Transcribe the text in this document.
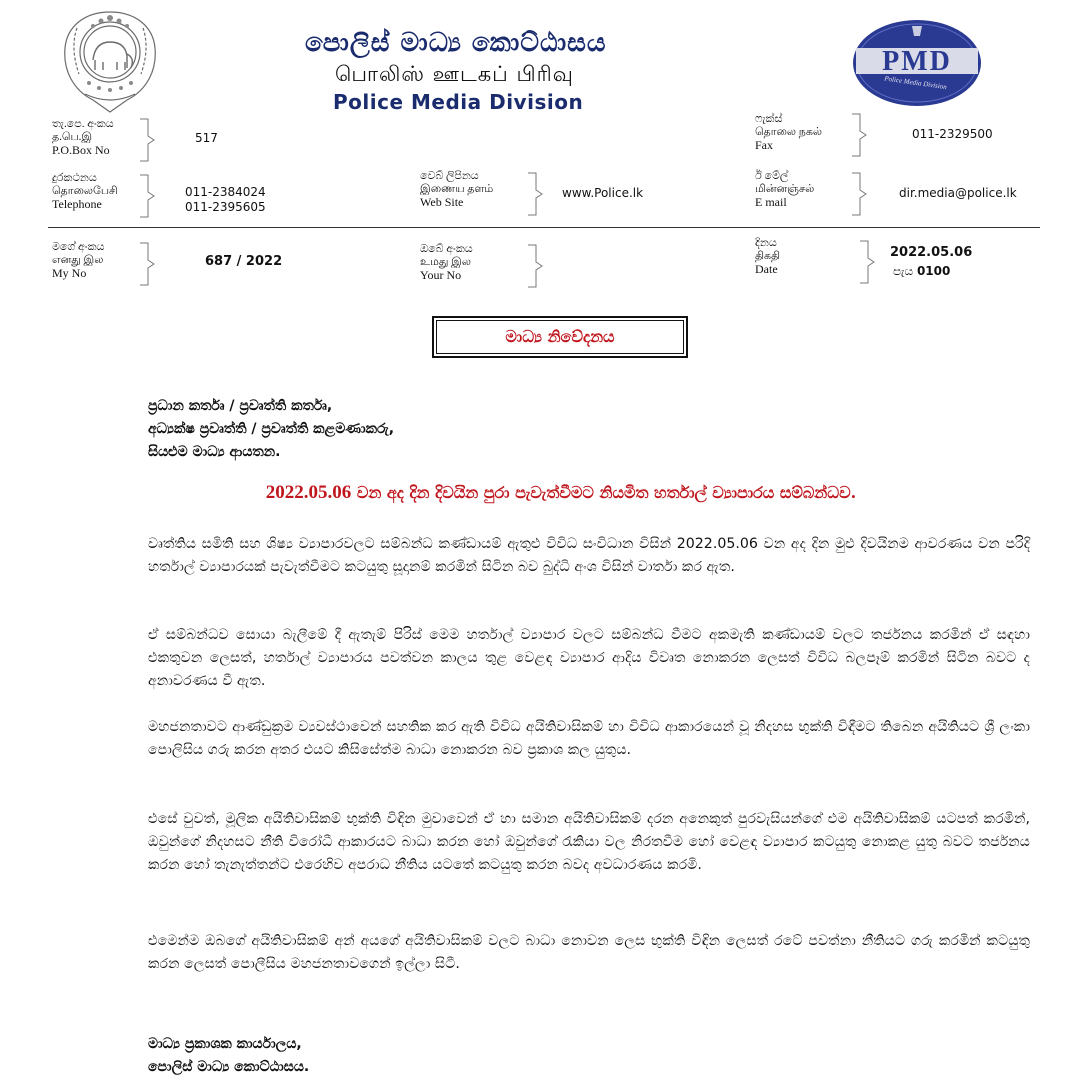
පොලිස් මාධ්‍ය කොට්ඨාසය
பொலிஸ் ஊடகப் பிரிவு
Police Media Division
PMD
Police Media Division
තැ.පෙ. අංකය
த.பெ.இ
P.O.Box No
517
ෆැක්ස්
தொலை நகல்
Fax
011-2329500
දුරකථනය
தொலைபேசி
Telephone
011-2384024
011-2395605
වෙබ් ලිපිනය
இணைய தளம்
Web Site
www.Police.lk
ඊ මේල්
மின்னஞ்சல்
E mail
dir.media@police.lk
මගේ අංකය
எனது இல
My No
687 / 2022
ඔබේ අංකය
உமது இல
Your No
දිනය
திகதி
Date
2022.05.06
පැය 0100
මාධ්‍ය නිවේදනය
ප්‍රධාන කර්තෘ / ප්‍රවෘත්ති කර්තෘ,
අධ්‍යක්ෂ ප්‍රවෘත්ති / ප්‍රවෘත්ති කළමණාකරු,
සියළුම මාධ්‍ය ආයතන.
2022.05.06 වන අද දින දිවයින පුරා පැවැත්වීමට නියමිත හර්තාල් ව්‍යාපාරය සම්බන්ධව.
වෘත්තිය සමිති සහ ශිෂ්‍ය ව්‍යාපාරවලට සම්බන්ධ කණ්ඩායම් ඇතුළු විවිධ සංවිධාන විසින් 2022.05.06 වන අද දින මුළු දිවයිනම ආවරණය වන පරිදි හර්තාල් ව්‍යාපාරයක් පැවැත්වීමට කටයුතු සූදානම් කරමින් සිටින බව බුද්ධි අංශ විසින් වාර්තා කර ඇත.
ඒ සම්බන්ධව සොයා බැලීමේ දී ඇතැම් පිරිස් මෙම හර්තාල් ව්‍යාපාර වලට සම්බන්ධ වීමට අකමැති කණ්ඩායම් වලට තර්ජනය කරමින් ඒ සඳහා එකතුවන ලෙසත්, හර්තාල් ව්‍යාපාරය පවත්වන කාලය තුළ වෙළඳ ව්‍යාපාර ආදිය විවෘත නොකරන ලෙසත් විවිධ බලපෑම් කරමින් සිටින බවට ද අනාවරණය වී ඇත.
මහජනතාවට ආණ්ඩුක්‍රම ව්‍යවස්ථාවෙන් සහතික කර ඇති විවිධ අයිතිවාසිකම් හා විවිධ ආකාරයෙන් වූ නිදහස භුක්ති විඳීමට තිබෙන අයිතියට ශ්‍රී ලංකා පොලිසිය ගරු කරන අතර එයට කිසිසේත්ම බාධා නොකරන බව ප්‍රකාශ කල යුතුය.
එසේ වුවත්, මූලික අයිතිවාසිකම් භුක්ති විඳින මුවාවෙන් ඒ හා සමාන අයිතිවාසිකම් දරන අනෙකුත් පුරවැසියන්ගේ එම අයිතිවාසිකම් යටපත් කරමින්, ඔවුන්ගේ නිදහසට නීති විරෝධී ආකාරයට බාධා කරන හෝ ඔවුන්ගේ රැකියා වල නිරතවීම හෝ වෙළඳ ව්‍යාපාර කටයුතු නොකළ යුතු බවට තර්ජනය කරන හෝ තැනැත්තන්ට එරෙහිව අපරාධ නීතිය යටතේ කටයුතු කරන බවද අවධාරණය කරමි.
එමෙන්ම ඔබගේ අයිතිවාසිකම් අන් අයගේ අයිතිවාසිකම් වලට බාධා නොවන ලෙස භුක්ති විඳින ලෙසත් රටේ පවත්නා නීතියට ගරු කරමින් කටයුතු කරන ලෙසත් පොලීසිය මහජනතාවගෙන් ඉල්ලා සිටී.
මාධ්‍ය ප්‍රකාශක කාර්යාලය,
පොලිස් මාධ්‍ය කොට්ඨාසය.
